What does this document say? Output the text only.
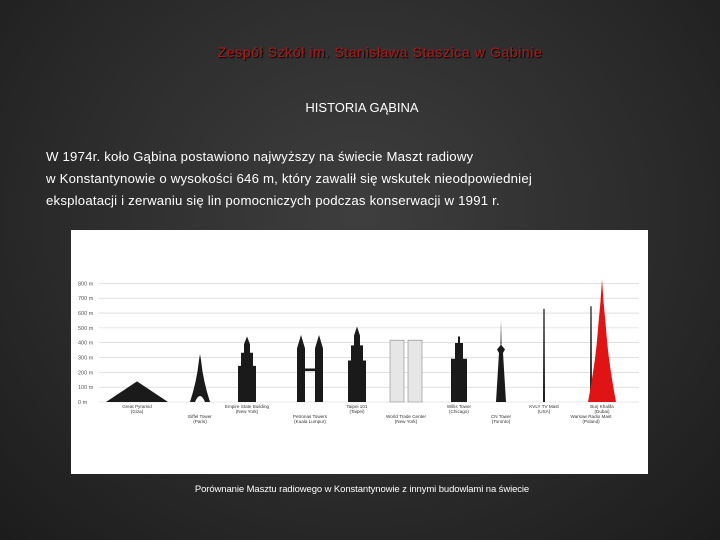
Zespół Szkół im. Stanisława Staszica w Gąbinie
HISTORIA GĄBINA
W 1974r. koło Gąbina postawiono najwyższy na świecie Maszt radiowy
w Konstantynowie o wysokości 646 m, który zawalił się wskutek nieodpowiedniej
eksploatacji i zerwaniu się lin pomocniczych podczas konserwacji w 1991 r.
0 m
100 m
200 m
300 m
400 m
500 m
600 m
700 m
800 m
Great Pyramid
(Giza)
Eiffel Tower
(Paris)
Empire State Building
(New York)
Petronas Towers
(Kuala Lumpur)
Taipei 101
(Taipei)
World Trade Center
(New York)
Willis Tower
(Chicago)
CN Tower
(Toronto)
KVLY TV Mast
(USA)
Warsaw Radio Mast
(Poland)
Burj Khalifa
(Dubai)
Porównanie Masztu radiowego w Konstantynowie z innymi budowlami na świecie
